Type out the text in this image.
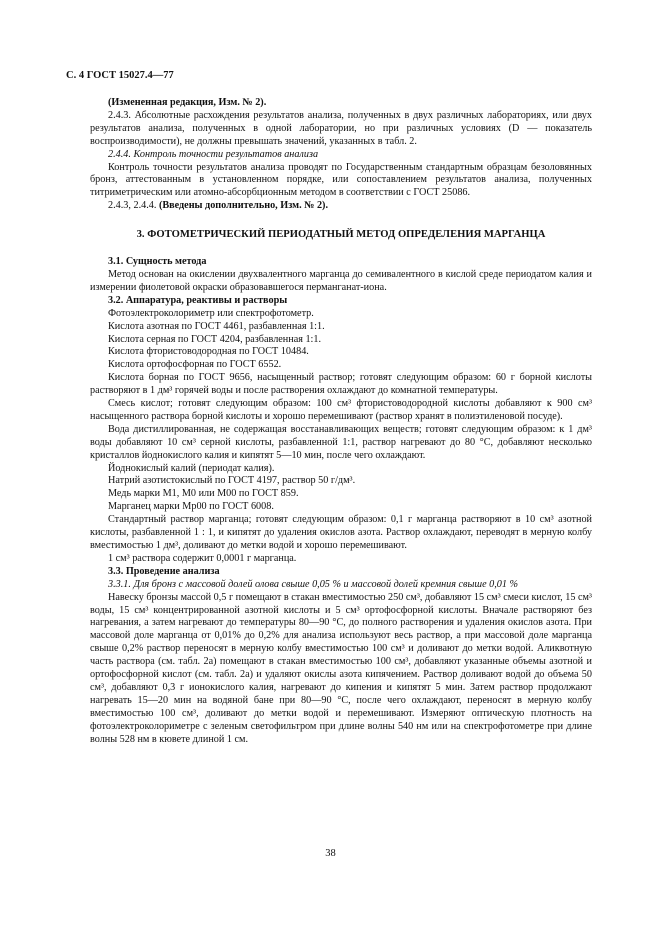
С. 4 ГОСТ 15027.4—77

(Измененная редакция, Изм. № 2).

2.4.3. Абсолютные расхождения результатов анализа, полученных в двух различных лабораториях, или двух результатов анализа, полученных в одной лаборатории, но при различных условиях (D — показатель воспроизводимости), не должны превышать значений, указанных в табл. 2.

2.4.4. Контроль точности результатов анализа

Контроль точности результатов анализа проводят по Государственным стандартным образцам безоловянных бронз, аттестованным в установленном порядке, или сопоставлением результатов анализа, полученных титриметрическим или атомно-абсорбционным методом в соответствии с ГОСТ 25086.

2.4.3, 2.4.4. (Введены дополнительно, Изм. № 2).

3. ФОТОМЕТРИЧЕСКИЙ ПЕРИОДАТНЫЙ МЕТОД ОПРЕДЕЛЕНИЯ МАРГАНЦА

3.1. Сущность метода

Метод основан на окислении двухвалентного марганца до семивалентного в кислой среде периодатом калия и измерении фиолетовой окраски образовавшегося перманганат-иона.

3.2. Аппаратура, реактивы и растворы

Фотоэлектроколориметр или спектрофотометр.

Кислота азотная по ГОСТ 4461, разбавленная 1:1.

Кислота серная по ГОСТ 4204, разбавленная 1:1.

Кислота фтористоводородная по ГОСТ 10484.

Кислота ортофосфорная по ГОСТ 6552.

Кислота борная по ГОСТ 9656, насыщенный раствор; готовят следующим образом: 60 г борной кислоты растворяют в 1 дм³ горячей воды и после растворения охлаждают до комнатной температуры.

Смесь кислот; готовят следующим образом: 100 см³ фтористоводородной кислоты добавляют к 900 см³ насыщенного раствора борной кислоты и хорошо перемешивают (раствор хранят в полиэтиленовой посуде).

Вода дистиллированная, не содержащая восстанавливающих веществ; готовят следующим образом: к 1 дм³ воды добавляют 10 см³ серной кислоты, разбавленной 1:1, раствор нагревают до 80 °С, добавляют несколько кристаллов йоднокислого калия и кипятят 5—10 мин, после чего охлаждают.

Йоднокислый калий (периодат калия).

Натрий азотистокислый по ГОСТ 4197, раствор 50 г/дм³.

Медь марки М1, М0 или М00 по ГОСТ 859.

Марганец марки Мр00 по ГОСТ 6008.

Стандартный раствор марганца; готовят следующим образом: 0,1 г марганца растворяют в 10 см³ азотной кислоты, разбавленной 1 : 1, и кипятят до удаления окислов азота. Раствор охлаждают, переводят в мерную колбу вместимостью 1 дм³, доливают до метки водой и хорошо перемешивают.

1 см³ раствора содержит 0,0001 г марганца.

3.3. Проведение анализа

3.3.1. Для бронз с массовой долей олова свыше 0,05 % и массовой долей кремния свыше 0,01 %

Навеску бронзы массой 0,5 г помещают в стакан вместимостью 250 см³, добавляют 15 см³ смеси кислот, 15 см³ воды, 15 см³ концентрированной азотной кислоты и 5 см³ ортофосфорной кислоты. Вначале растворяют без нагревания, а затем нагревают до температуры 80—90 °С, до полного растворения и удаления окислов азота. При массовой доле марганца от 0,01% до 0,2% для анализа используют весь раствор, а при массовой доле марганца свыше 0,2% раствор переносят в мерную колбу вместимостью 100 см³ и доливают до метки водой. Аликвотную часть раствора (см. табл. 2а) помещают в стакан вместимостью 100 см³, добавляют указанные объемы азотной и ортофосфорной кислот (см. табл. 2а) и удаляют окислы азота кипячением. Раствор доливают водой до объема 50 см³, добавляют 0,3 г ионокислого калия, нагревают до кипения и кипятят 5 мин. Затем раствор продолжают нагревать 15—20 мин на водяной бане при 80—90 °С, после чего охлаждают, переносят в мерную колбу вместимостью 100 см³, доливают до метки водой и перемешивают. Измеряют оптическую плотность на фотоэлектроколориметре с зеленым светофильтром при длине волны 540 нм или на спектрофотометре при длине волны 528 нм в кювете длиной 1 см.

38
